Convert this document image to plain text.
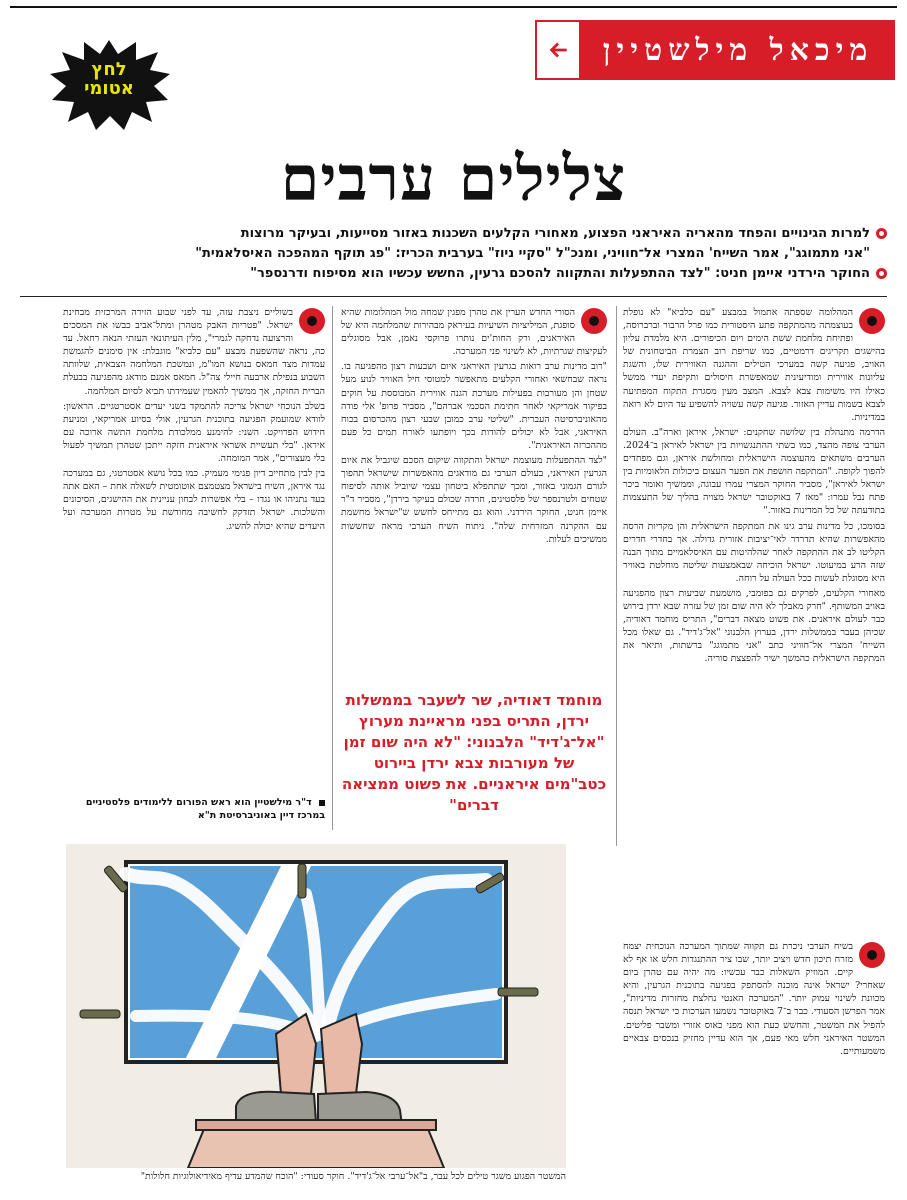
מיכאל מילשטיין
לחץ אטומי
צלילים ערבים
למרות הגינויים והפחד מהאריה האיראני הפצוע, מאחורי הקלעים השכנות באזור מסייעות, ובעיקר מרוצות
"אני מתמוגג", אמר השייח' המצרי אל־חוויני, ומנכ"ל "סקיי ניוז" בערבית הכריז: "פג תוקף המהפכה האיסלאמית"
החוקר הירדני איימן חניט: "לצד ההתפעלות והתקווה להסכם גרעין, החשש עכשיו הוא מסיפוח ודרנספר"

המהלומה שספתה אתמול במבצע "עם כלביא" לא נופלת בעוצמתה מהמתקפה פתע היסטורית כמו פרל הרבור וברברוסה, ופתיחת מלחמת ששת הימים ויום הכיפורים. היא מלמדת עליון בהישגים תקריגים דרמטיים, כמו שריפת רוב הצמרת הביטחונית של האויב, פגיעה קשה במערכי הטילים וההגנה האווירית שלו, והשגת עליונות אווירית ומודיעינית שמאפשרת חיסולים ותקיפת יעדי ממשל כאילו היו משימות צבא לצבא. המצב מעין מסגרת התקוח המפתיעה לצבא בשמות עדיין האזור. פגיעה קשה עשויה להשפיע עד היום לא רואה במדיניות.

הדרמה מתנהלת בין שלושה שחקנים: ישראל, איראן וארה"ב. העולם הערבי צופה מהצד, כמו בשתי ההתנגשויות בין ישראל לאיראן ב־2024. הערבים משתאים מהעוצמה הישראלית ומחולשת איראן, וגם מפחדים להפוך לקופה. "המתקפה חושפת את הפער העצום ביכולות הלאומיות בין ישראל לאיראן", מסביר החוקר המצרי עמרו עבוגה, וממשיך ואומר ביכר פתח נבל עמרו: "מאז 7 באוקטובר ישראל מצויה בהליך של התעצמות בתודעתה של כל המדינות באזור."

בסומכו, כל מדינות ערב גינו את המתקפה הישראלית והן מקריות הרסה מהאפשרות שהיא תדרדר לאי־יציבות אזורית גדולה. אך בחדרי חדרים הקליטו לב את ההתקפה לאחר שהלהיטות עם האיסלאמיים מתוך הבנה שזה הרע במיעוטו. ישראל הוכיחה שבאמצעות שליטה מוחלטת באוויר היא מסוגלת לעשות ככל העולה על רוחה.

מאחורי הקלעים, לפרקים גם בפומבי, מושמעת שביעות רצון מהפגיעה באויב המשותף. "חרק מאבלך לא היה שום זמן של עזרה שבא ירדן בירוש כבר לעולם איראנים. את פשוט מצאה דברים", התריס מוחמד דאודיה, שכיהן בעבר בממשלות ירדן, בערוץ הלבנוני "אל־ג'דיד". גם שאלו מכל השייח' המצרי אל־חוויני כתב "אני מתמוגג" ברשתות, ותיאר את המתקפה הישראלית כהמשך ישיר להפצצת סוריה.

בשיח הערבי ניכרת גם תקווה שמתוך המערכה הנוכחית יצמח מזרח תיכון חדש ויציב יותר, שבו ציר ההתנגדות חלש או אף לא קיים. המוזיק השאלות כבר עכשיו: מה יהיה עם טהרן ביום שאחרי? ישראל אינה מוכנה להסתפק בפגיעה בתוכנית הגרעין, והיא מכוונת לשינוי עמוק יותר. "המערכה האנטי נחלצת מחזרות מדיניות", אמר הפרשן הסעודי. כבר ב־7 באוקטובר נשמעו הערכות כי ישראל תנסה להפיל את המשטר, והחשש כעת הוא מפני כאוס אזורי ומשבר פליטים. המשטר האיראני חלש מאי פעם, אך הוא עדיין מחזיק בנכסים צבאיים משמעותיים.

הסורי החדש הערין את טהרן מפגין שמחה מול המהלומות שהיא סופגת, המיליציות השיעיות בעיראק מבהירות שהמלחמה היא של האיראנים, ורק החות'ים נותרו פרוקסי נאמן, אבל מסוגלים לעקיצות שגרתיות, לא לשינוי פני המערכה.

"רוב מדינות ערב רואות בגרעין האיראני איום ושבעות רצון מהפגיעה בו. נראה שבחשאי ואחורי הקלעים מתאפשר למטוסי חיל האוויר לנוע מעל שטחן והן מעורבות בפעילות מערכת הגנה אווירית המבוססת על חוקים בפיקוד אמריקאי לאחר חתימת הסכמי אברהם", מסביר פרופ' אלי פודה מהאוניברסיטה העברית. "שליטי ערב כמובן שבעי רצון מהכרסום בכוח האיראני, אבל לא יכולים להודות בכך ויופתעו לאורח תמים כל פעם מההכרזה האיראנית".

"לצד ההתפעלות מעוצמת ישראל והתקווה שיקום הסכם שיגביל את איום הגרעין האיראני, בעולם הערבי גם מודאגים מהאפשרות שישראל תהפוך לגורם הגמוני באזור, ומכך שתתפלא ביטחון עצמי שיוביל אותה לסיפוח שטחים ולטרנספר של פלסטינים, חרדה שכולם בעיקר בירדן", מסביר ד"ר איימן חניט, החוקר הירדני. והוא גם מתייחס לחשש ש"ישראל מחשמת עם ההקרנה המזרחית שלה". ניתוח השיח הערבי מראה שחששות ממשיכים לעלות.

בשוליים ניצבת עזה, עד לפני שבוע הזירה המרכזית מבחינת ישראל. "פטריות האבק מטהרן ומתל־אביב כבשו את המסכים והרצועה נדחקה לגמרי", מלין העיתונאי העזתי הנאה רחאל. עד כה, נראה שהשפעת מבצע "עם כלביא" מוגבלת: אין סימנים להגמשת עמדות מצד חמאס בנושא המו"מ, ונמשכת המלחמה הצבאית, שלוותה השבוע בנפילת ארבעה חיילי צה"ל. חמאס אמנם מודאג מהפגיעה בבעלת הברית החזקה, אך ממשיך להאמין שעמידתו תביא לסיום המלחמה.

בשלב הנוכחי ישראל צריכה להתמקד בשני יעדים אסטרטגיים. הראשון: לוודא שמועמק הפגיעה בתוכנית הגרעין, אולי בסיוע אמריקאי, ומניעת חידוש הפרויקט. השני: להימנע ממלכודת מלחמת התשה ארוכה עם איראן. "בלי תעשיית אשראי איראנית חזקה ייתכן שטהרן תמשיך לפעול בלי מעצורים", אמר המומחה.

בין לבין מתחייב דיון פנימי מעמיק. כמו בכל נושא אסטרטגי, גם במערכה נגד איראן, השיח בישראל מצטמצם אוטומטית לשאלה אחת – האם אתה בעד נתניהו או נגדו – בלי אפשרות לבחון עניינית את ההישגים, הסיכונים והשלכות. ישראל תזדקק לחשיבה מחודשת על מטרות המערכה ועל היעדים שהיא יכולה להשיג.

מוחמד דאודיה, שר לשעבר בממשלות ירדן, התריס בפני מראיינת מערוץ "אל־ג'דיד" הלבנוני: "לא היה שום זמן של מעורבות צבא ירדן ביירוט כטב"מים איראניים. את פשוט ממציאה דברים"
ד"ר מילשטיין הוא ראש הפורום ללימודים פלסטיניים במרכז דיין באוניברסיטת ת"א
המשטר הפגוע משגר טילים לכל עבר, ב"אל־ערבי אל־ג'דיד". חוקר סעודי: "הוכח שהמדע עדיף מאידיאולוגיות חלולות"
